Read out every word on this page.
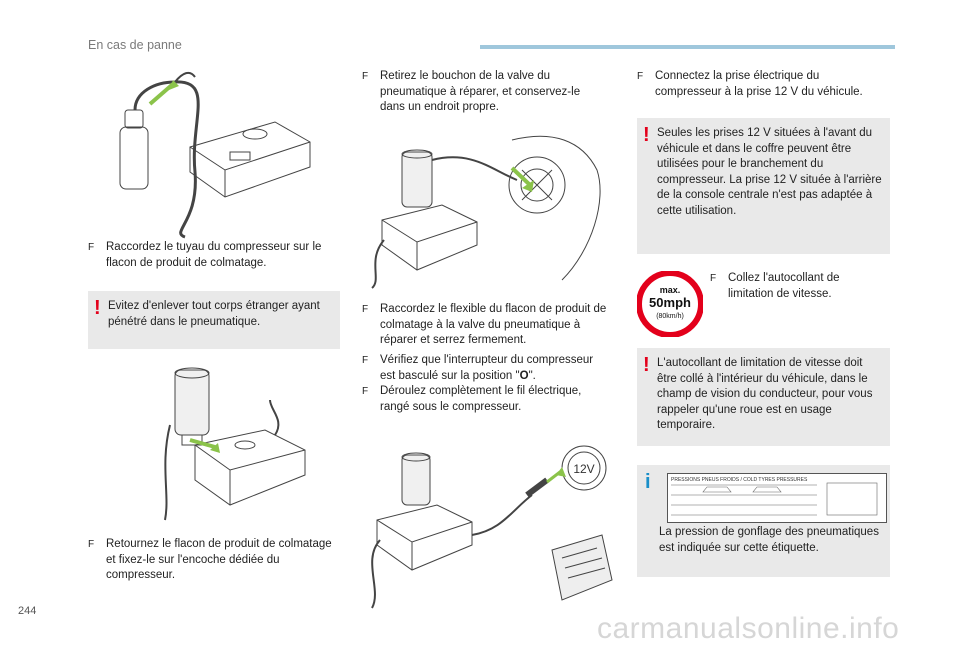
En cas de panne
F	Raccordez le tuyau du compresseur sur le flacon de produit de colmatage.
! Evitez d'enlever tout corps étranger ayant pénétré dans le pneumatique.
F	Retournez le flacon de produit de colmatage et fixez-le sur l'encoche dédiée du compresseur.
F	Retirez le bouchon de la valve du pneumatique à réparer, et conservez-le dans un endroit propre.
F	Raccordez le flexible du flacon de produit de colmatage à la valve du pneumatique à réparer et serrez fermement.
F	Vérifiez que l'interrupteur du compresseur est basculé sur la position "O".
F	Déroulez complètement le fil électrique, rangé sous le compresseur.
12V
F	Connectez la prise électrique du compresseur à la prise 12 V du véhicule.
! Seules les prises 12 V situées à l'avant du véhicule et dans le coffre peuvent être utilisées pour le branchement du compresseur. La prise 12 V située à l'arrière de la console centrale n'est pas adaptée à cette utilisation.
max.
50mph
(80km/h)
F	Collez l'autocollant de limitation de vitesse.
! L'autocollant de limitation de vitesse doit être collé à l'intérieur du véhicule, dans le champ de vision du conducteur, pour vous rappeler qu'une roue est en usage temporaire.
i	PRESSIONS PNEUS FROIDS / COLD TYRES PRESSURES
La pression de gonflage des pneumatiques est indiquée sur cette étiquette.
244
carmanualsonline.info
